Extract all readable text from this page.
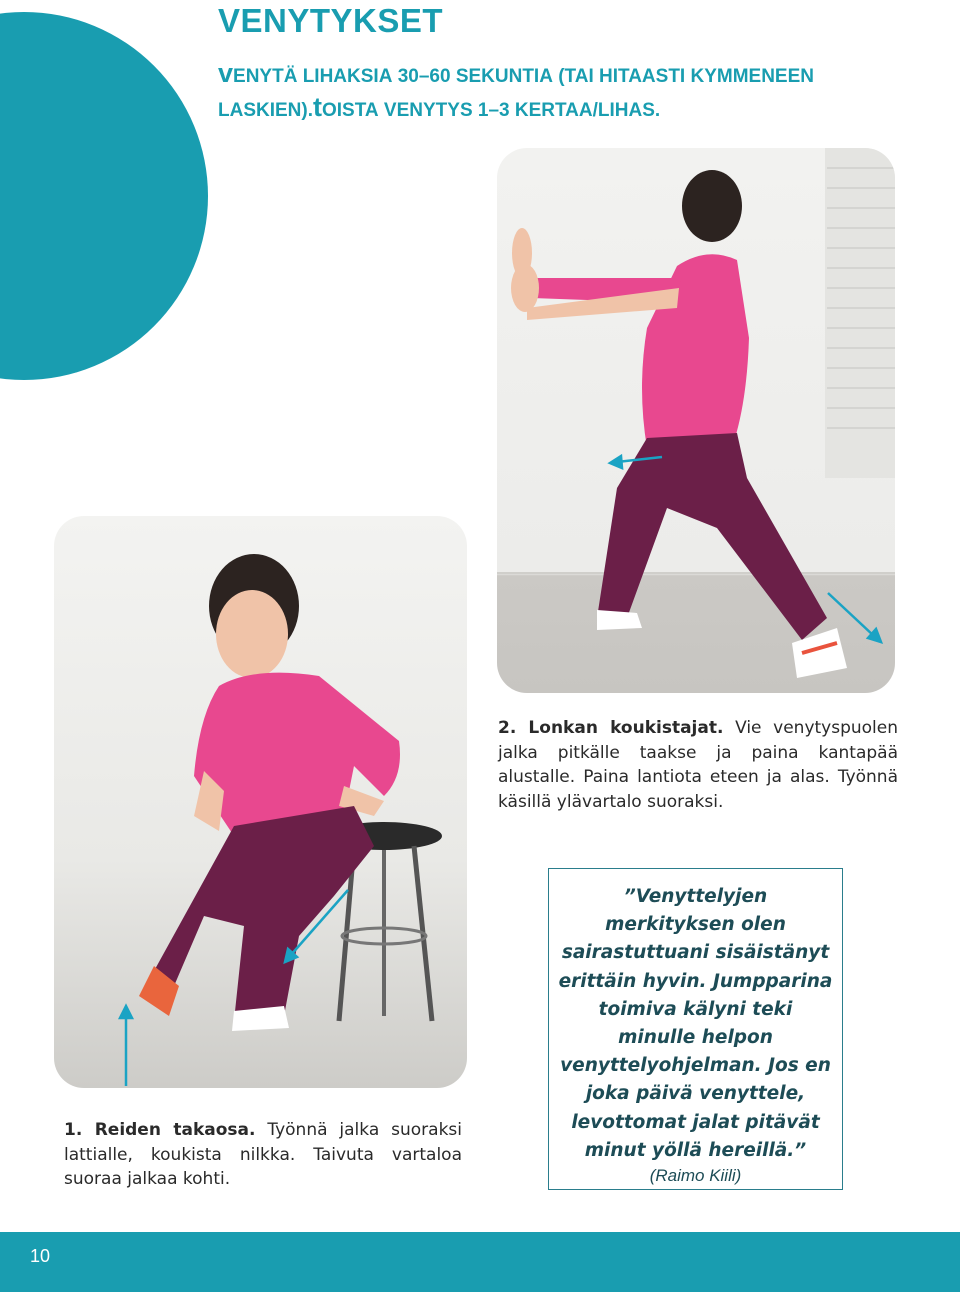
VENYTYKSET

venytä lihaksia 30–60 sekuntia (tai hitaasti kymmeneen laskien).toista venytys 1–3 kertaa/lihas.

2. Lonkan koukistajat. Vie venytyspuolen jalka pitkälle taakse ja paina kantapää alustalle. Paina lantiota eteen ja alas. Työnnä käsillä ylävartalo suoraksi.

1. Reiden takaosa. Työnnä jalka suoraksi lattialle, koukista nilkka. Taivuta vartaloa suoraa jalkaa kohti.

”Venyttelyjen merkityksen olen sairastuttuani sisäistänyt erittäin hyvin. Jumpparina toimiva kälyni teki minulle helpon venyttelyohjelman. Jos en joka päivä venyttele, levottomat jalat pitävät minut yöllä hereillä.”

(Raimo Kiili)

10
